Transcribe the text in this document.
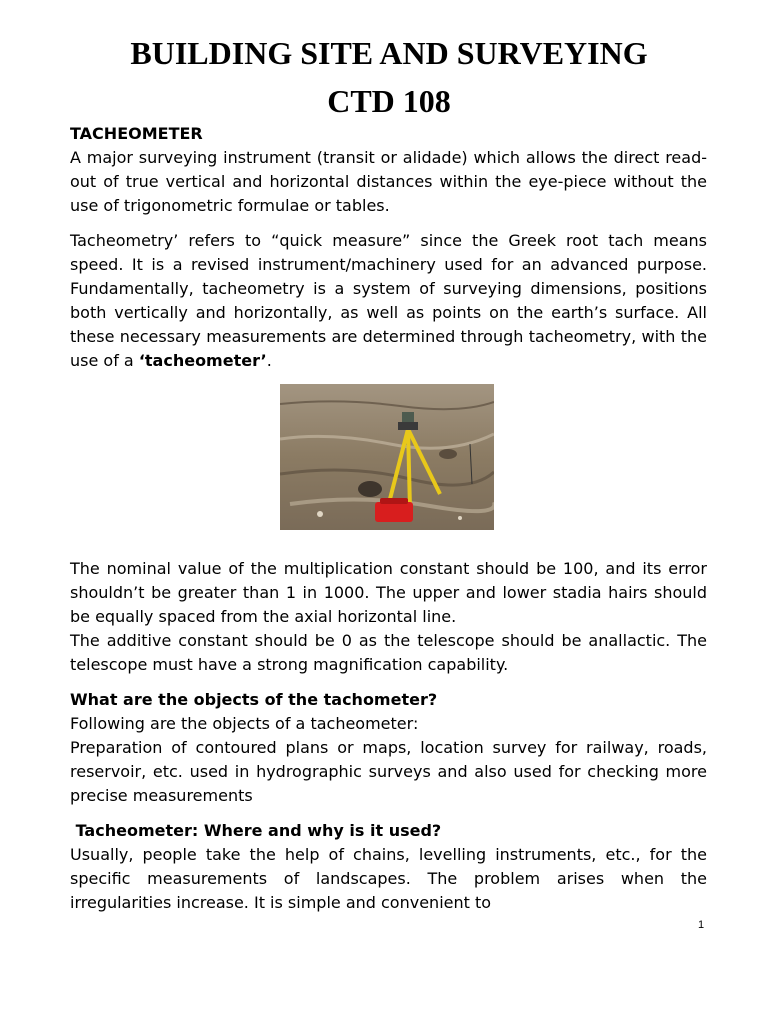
BUILDING SITE AND SURVEYING
CTD 108
TACHEOMETER

A major surveying instrument (transit or alidade) which allows the direct read-out of true vertical and horizontal distances within the eye-piece without the use of trigonometric formulae or tables.

Tacheometry’ refers to “quick measure” since the Greek root tach means speed. It is a revised instrument/machinery used for an advanced purpose. Fundamentally, tacheometry is a system of surveying dimensions, positions both vertically and horizontally, as well as points on the earth’s surface. All these necessary measurements are determined through tacheometry, with the use of a ‘tacheometer’.

The nominal value of the multiplication constant should be 100, and its error shouldn’t be greater than 1 in 1000. The upper and lower stadia hairs should be equally spaced from the axial horizontal line.

The additive constant should be 0 as the telescope should be anallactic. The telescope must have a strong magnification capability.

What are the objects of the tachometer?
Following are the objects of a tacheometer:

Preparation of contoured plans or maps, location survey for railway, roads, reservoir, etc. used in hydrographic surveys and also used for checking more precise measurements

Tacheometer: Where and why is it used?

Usually, people take the help of chains, levelling instruments, etc., for the specific measurements of landscapes. The problem arises when the irregularities increase. It is simple and convenient to

1
